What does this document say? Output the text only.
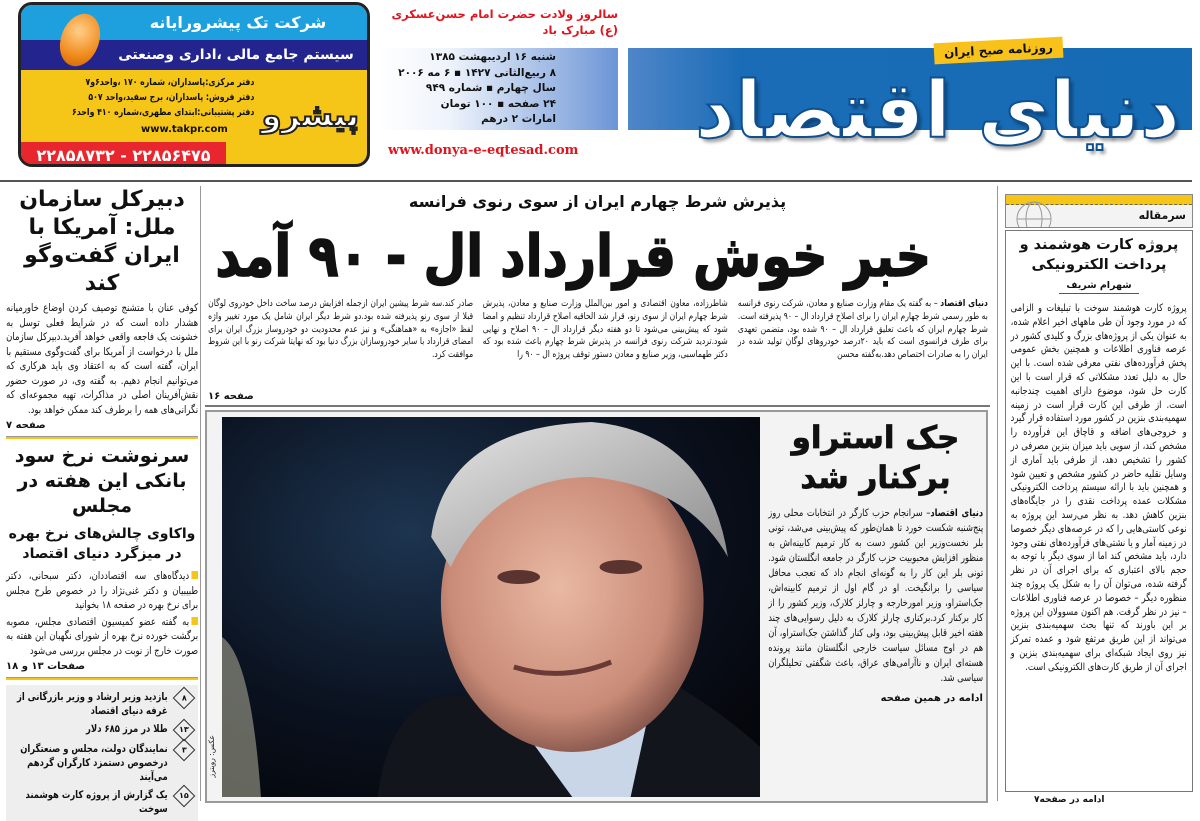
شرکت تک پیشرورایانه
سیستم جامع مالی ،اداری وصنعتی
دفتر مرکزی:پاسداران، شماره ۱۷۰ ،واحد۶و۷
دفتر فروش: پاسداران، برج سفید،واحد ۵۰۷
دفتر پشتیبانی:ابتدای مطهری،شماره ۴۱۰ واحد۶
www.takpr.com پیشرو
۲۲۸۵۸۷۳۲ - ۲۲۸۵۶۴۷۵
سالروز ولادت حضرت امام حسن‌عسکری (ع) مبارک باد
شنبه ۱۶ اردیبهشت ۱۳۸۵
۸ ربیع‌الثانی ۱۴۲۷ ▪ ۶ مه ۲۰۰۶
سال چهارم ▪ شماره ۹۴۹
۲۴ صفحه ▪ ۱۰۰ تومان
امارات ۲ درهم
www.donya-e-eqtesad.com دنیای اقتصاد
روزنامه صبح ایران
دبیرکل سازمان ملل: آمریکا با ایران گفت‌وگو کند
کوفی عنان با متشنج توصیف کردن اوضاع خاورمیانه هشدار داده است که در شرایط فعلی توسل به خشونت یک فاجعه واقعی خواهد آفرید.دبیرکل سازمان ملل با درخواست از آمریکا برای گفت‌وگوی مستقیم با ایران، گفته است که به اعتقاد وی باید هرکاری که می‌توانیم انجام دهیم. به گفته وی، در صورت حضور نقش‌آفرینان اصلی در مذاکرات، تهیه مجموعه‌ای که نگرانی‌های همه را برطرف کند ممکن خواهد بود.
صفحه ۷
سرنوشت نرخ سود بانکی این هفته در مجلس
واکاوی چالش‌های نرخ بهره در میزگرد دنیای اقتصاد
دیدگاه‌های سه اقتصاددان، دکتر سبحانی، دکتر طبیبیان و دکتر غنی‌نژاد را در خصوص طرح مجلس برای نرخ بهره در صفحه ۱۸ بخوانید
به گفته عضو کمیسیون اقتصادی مجلس، مصوبه برگشت خورده نرخ بهره از شورای نگهبان این هفته به صورت خارج از نوبت در مجلس بررسی می‌شود
صفحات ۱۳ و ۱۸
۸
بازدید وزیر ارشاد و وزیر بازرگانی از غرفه دنیای اقتصاد
۱۳
طلا در مرز ۶۸۵ دلار
۳
نمایندگان دولت، مجلس و صنعتگران درخصوص دستمزد کارگران گردهم می‌آیند
۱۵
یک گزارش از پروژه کارت هوشمند سوخت
پذیرش شرط چهارم ایران از سوی رنوی فرانسه
خبر خوش قرارداد ال - ۹۰ آمد
دنیای اقتصاد – به گفته یک مقام وزارت صنایع و معادن، شرکت رنوی فرانسه به طور رسمی شرط چهارم ایران را برای اصلاح قرارداد ال – ۹۰ پذیرفته است. شرط چهارم ایران که باعث تعلیق قرارداد ال – ۹۰ شده بود، متضمن تعهدی برای طرف فرانسوی است که باید ۲۰درصد خودروهای لوگان تولید شده در ایران را به صادرات اختصاص دهد.به‌گفته محسن
شاطرزاده، معاون اقتصادی و امور بین‌الملل وزارت صنایع و معادن، پذیرش شرط چهارم ایران از سوی رنو، قرار شد الحاقیه اصلاح قرارداد تنظیم و امضا شود که پیش‌بینی می‌شود تا دو هفته دیگر قرارداد ال – ۹۰ اصلاح و نهایی شود.تردید شرکت رنوی فرانسه در پذیرش شرط چهارم باعث شده بود که دکتر طهماسبی، وزیر صنایع و معادن دستور توقف پروژه ال – ۹۰ را
صادر کند.سه شرط پیشین ایران ازجمله افزایش درصد ساخت داخل خودروی لوگان قبلا از سوی رنو پذیرفته شده بود.دو شرط دیگر ایران شامل یک مورد تغییر واژه لفظ «اجازه» به «هماهنگی» و نیز عدم محدودیت دو خودروساز بزرگ ایران برای امضای قرارداد با سایر خودروسازان بزرگ دنیا بود که نهایتا شرکت رنو با این شروط موافقت کرد.
صفحه ۱۶
عکس: رویترز
جک استراو برکنار شد
دنیای اقتصاد– سرانجام حزب کارگر در انتخابات محلی روز پنج‌شنبه شکست خورد تا همان‌طور که پیش‌بینی می‌شد، تونی بلر نخست‌وزیر این کشور دست به کار ترمیم کابینه‌اش به منظور افزایش محبوبیت حزب کارگر در جامعه انگلستان شود. تونی بلر این کار را به گونه‌ای انجام داد که تعجب محافل سیاسی را برانگیخت. او در گام اول از ترمیم کابینه‌اش، جک‌استراو، وزیر امورخارجه و چارلز کلارک، وزیر کشور را از کار برکنار کرد.برکناری چارلز کلارک به دلیل رسوایی‌های چند هفته اخیر قابل پیش‌بینی بود، ولی کنار گذاشتن جک‌استراو، آن هم در اوج مسائل سیاست خارجی انگلستان مانند پرونده هسته‌ای ایران و ناآرامی‌های عراق، باعث شگفتی تحلیلگران سیاسی شد.
ادامه در همین صفحه
سرمقاله
پروژه کارت هوشمند و پرداخت الکترونیکی
شهرام شریف
پروژه کارت هوشمند سوخت با تبلیغات و الزامی که در مورد وجود آن طی ماههای اخیر اعلام شده، به عنوان یکی از پروژه‌های بزرگ و کلیدی کشور در عرصه فناوری اطلاعات و همچنین بخش عمومی پخش فرآورده‌های نفتی معرفی شده است. با این حال به دلیل تعدد مشکلاتی که قرار است با این کارت حل شود، موضوع دارای اهمیت چندجانبه است. از طرفی این کارت قرار است در زمینه سهمیه‌بندی بنزین در کشور مورد استفاده قرار گیرد و خروجی‌های اضافه و قاچاق این فرآورده را مشخص کند، از سویی باید میزان بنزین مصرفی در کشور را تشخیص دهد، از طرفی باید آماری از وسایل نقلیه حاضر در کشور مشخص و تعیین شود و همچنین باید با ارائه سیستم پرداخت الکترونیکی مشکلات عمده پرداخت نقدی را در جایگاه‌های بنزین کاهش دهد. به نظر می‌رسد این پروژه به نوعی کاستی‌هایی را که در عرصه‌های دیگر خصوصا در زمینه آمار و یا نشتی‌های فرآورده‌های نفتی وجود دارد، باید مشخص کند اما از سوی دیگر با توجه به حجم بالای اعتباری که برای اجرای آن در نظر گرفته شده، می‌توان آن را به شکل یک پروژه چند منظوره دیگر – خصوصا در عرصه فناوری اطلاعات – نیز در نظر گرفت. هم اکنون مسوولان این پروژه بر این باورند که تنها بحث سهمیه‌بندی بنزین می‌تواند از این طریق مرتفع شود و عمده تمرکز نیز روی ایجاد شبکه‌ای برای سهمیه‌بندی بنزین و اجرای آن از طریق کارت‌های الکترونیکی است.
ادامه در صفحه۷
